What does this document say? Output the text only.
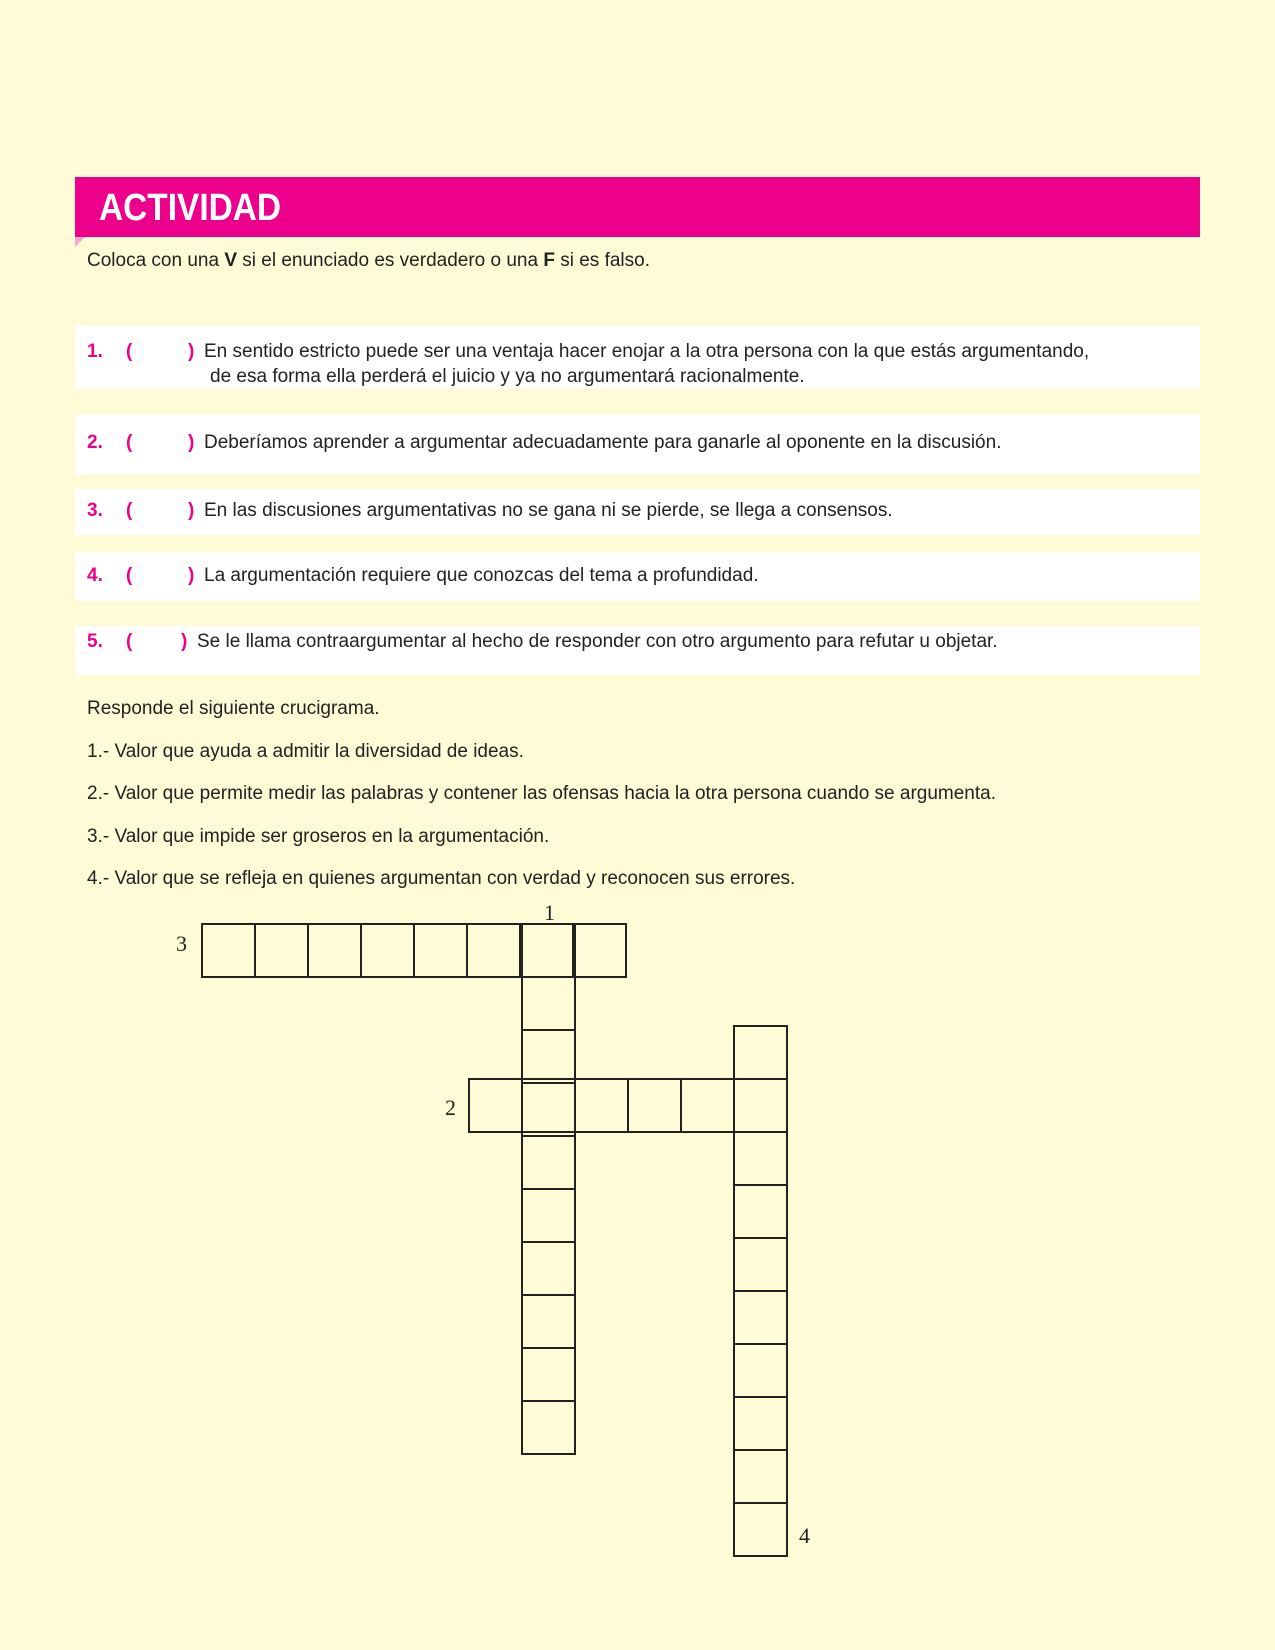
ACTIVIDAD

Coloca con una V si el enunciado es verdadero o una F si es falso.

1. (	) En sentido estricto puede ser una ventaja hacer enojar a la otra persona con la que estás argumentando,
de esa forma ella perderá el juicio y ya no argumentará racionalmente.
2. (	) Deberíamos aprender a argumentar adecuadamente para ganarle al oponente en la discusión.
3. (	) En las discusiones argumentativas no se gana ni se pierde, se llega a consensos.
4. (	) La argumentación requiere que conozcas del tema a profundidad.
5. (	) Se le llama contraargumentar al hecho de responder con otro argumento para refutar u objetar.

Responde el siguiente crucigrama.

1.- Valor que ayuda a admitir la diversidad de ideas.

2.- Valor que permite medir las palabras y contener las ofensas hacia la otra persona cuando se argumenta.

3.- Valor que impide ser groseros en la argumentación.

4.- Valor que se refleja en quienes argumentan con verdad y reconocen sus errores.

3
1
2
4
